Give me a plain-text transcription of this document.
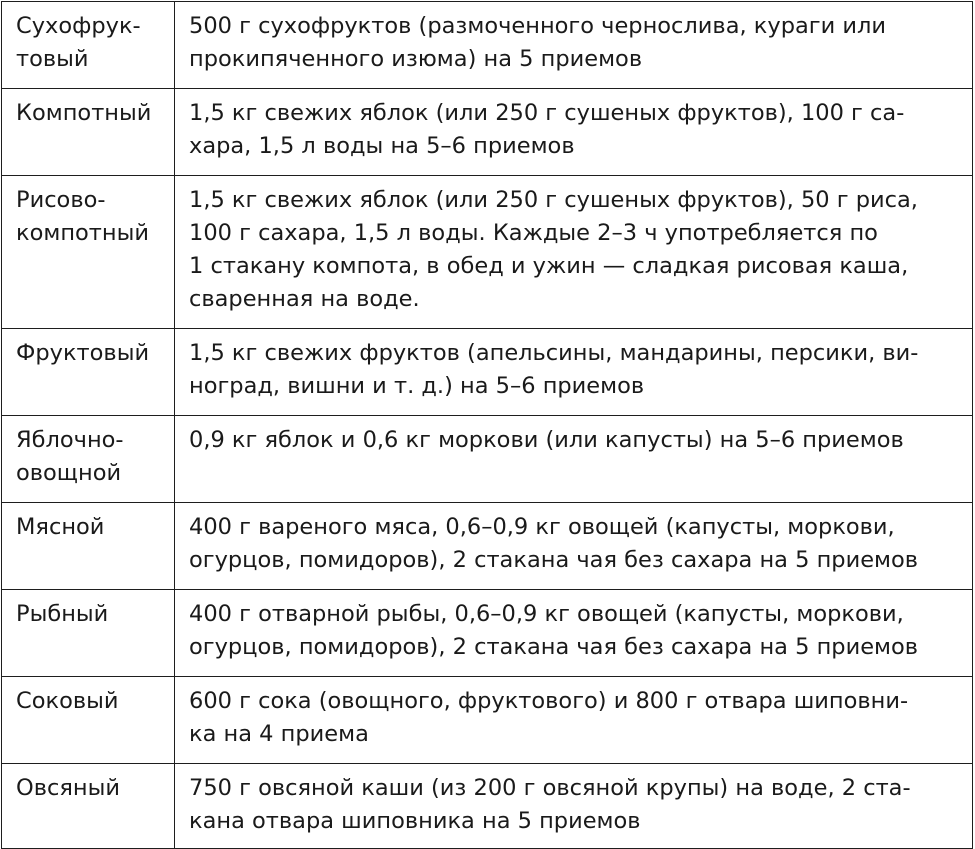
Сухофрук-
товый	500 г сухофруктов (размоченного чернослива, кураги или
прокипяченного изюма) на 5 приемов
Компотный	1,5 кг свежих яблок (или 250 г сушеных фруктов), 100 г са-
хара, 1,5 л воды на 5–6 приемов
Рисово-
компотный	1,5 кг свежих яблок (или 250 г сушеных фруктов), 50 г риса,
100 г сахара, 1,5 л воды. Каждые 2–3 ч употребляется по
1 стакану компота, в обед и ужин — сладкая рисовая каша,
сваренная на воде.
Фруктовый	1,5 кг свежих фруктов (апельсины, мандарины, персики, ви-
ноград, вишни и т. д.) на 5–6 приемов
Яблочно-
овощной	0,9 кг яблок и 0,6 кг моркови (или капусты) на 5–6 приемов
Мясной	400 г вареного мяса, 0,6–0,9 кг овощей (капусты, моркови,
огурцов, помидоров), 2 стакана чая без сахара на 5 приемов
Рыбный	400 г отварной рыбы, 0,6–0,9 кг овощей (капусты, моркови,
огурцов, помидоров), 2 стакана чая без сахара на 5 приемов
Соковый	600 г сока (овощного, фруктового) и 800 г отвара шиповни-
ка на 4 приема
Овсяный	750 г овсяной каши (из 200 г овсяной крупы) на воде, 2 ста-
кана отвара шиповника на 5 приемов
